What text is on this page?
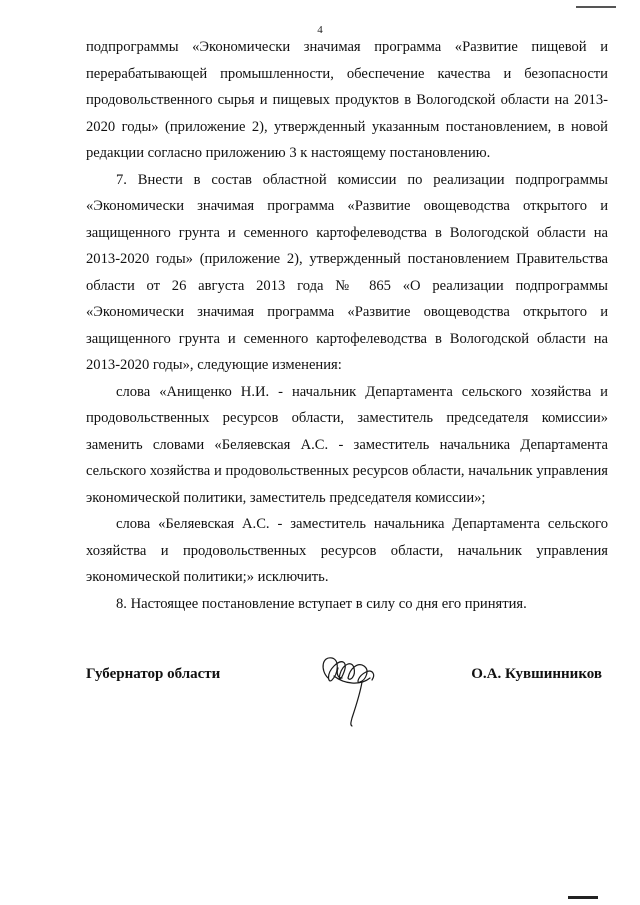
4

подпрограммы «Экономически значимая программа «Развитие пищевой и перерабатывающей промышленности, обеспечение качества и безопасности продовольственного сырья и пищевых продуктов в Вологодской области на 2013-2020 годы» (приложение 2), утвержденный указанным постановлением, в новой редакции согласно приложению 3 к настоящему постановлению.

7. Внести в состав областной комиссии по реализации подпрограммы «Экономически значимая программа «Развитие овощеводства открытого и защищенного грунта и семенного картофелеводства в Вологодской области на 2013-2020 годы» (приложение 2), утвержденный постановлением Правительства области от 26 августа 2013 года № 865 «О реализации подпрограммы «Экономически значимая программа «Развитие овощеводства открытого и защищенного грунта и семенного картофелеводства в Вологодской области на 2013-2020 годы», следующие изменения:

слова «Анищенко Н.И. - начальник Департамента сельского хозяйства и продовольственных ресурсов области, заместитель председателя комиссии» заменить словами «Беляевская А.С. - заместитель начальника Департамента сельского хозяйства и продовольственных ресурсов области, начальник управления экономической политики, заместитель председателя комиссии»;

слова «Беляевская А.С. - заместитель начальника Департамента сельского хозяйства и продовольственных ресурсов области, начальник управления экономической политики;» исключить.

8. Настоящее постановление вступает в силу со дня его принятия.

Губернатор области	О.А. Кувшинников
